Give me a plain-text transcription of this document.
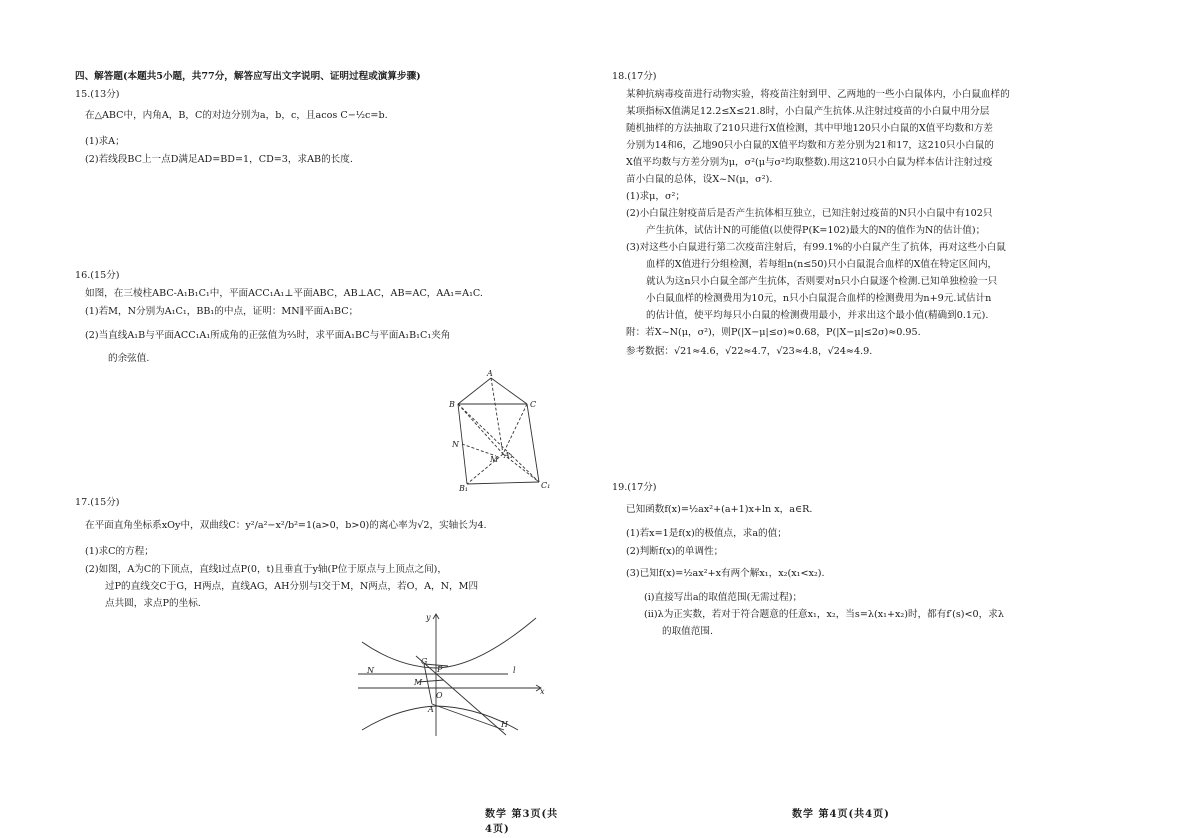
四、解答题(本题共5小题，共77分，解答应写出文字说明、证明过程或演算步骤)
15.(13分)
在△ABC中，内角A，B，C的对边分别为a，b，c，且acos C−½c=b.
(1)求A；
(2)若线段BC上一点D满足AD=BD=1，CD=3，求AB的长度.
16.(15分)
如图，在三棱柱ABC-A₁B₁C₁中，平面ACC₁A₁⊥平面ABC，AB⊥AC，AB=AC，AA₁=A₁C.
(1)若M，N分别为A₁C₁，BB₁的中点，证明：MN∥平面A₁BC；
(2)当直线A₁B与平面ACC₁A₁所成角的正弦值为⅔时，求平面A₁BC与平面A₁B₁C₁夹角
的余弦值.
17.(15分)
在平面直角坐标系xOy中，双曲线C：y²/a²−x²/b²=1(a>0，b>0)的离心率为√2，实轴长为4.
(1)求C的方程；
(2)如图，A为C的下顶点，直线l过点P(0，t)且垂直于y轴(P位于原点与上顶点之间)，
过P的直线交C于G，H两点，直线AG，AH分别与l交于M，N两点，若O，A，N，M四
点共圆，求点P的坐标.
数学 第3页(共4页)
A
B	C
N
A₁
M
B₁	C₁
y
x
G
P
N	l
M
O
A
H
18.(17分)
某种抗病毒疫苗进行动物实验，将疫苗注射到甲、乙两地的一些小白鼠体内，小白鼠血样的
某项指标X值满足12.2≤X≤21.8时，小白鼠产生抗体.从注射过疫苗的小白鼠中用分层
随机抽样的方法抽取了210只进行X值检测，其中甲地120只小白鼠的X值平均数和方差
分别为14和6，乙地90只小白鼠的X值平均数和方差分别为21和17，这210只小白鼠的
X值平均数与方差分别为μ，σ²(μ与σ²均取整数).用这210只小白鼠为样本估计注射过疫
苗小白鼠的总体，设X~N(μ，σ²).
(1)求μ，σ²；
(2)小白鼠注射疫苗后是否产生抗体相互独立，已知注射过疫苗的N只小白鼠中有102只
产生抗体，试估计N的可能值(以使得P(K=102)最大的N的值作为N的估计值)；
(3)对这些小白鼠进行第二次疫苗注射后，有99.1%的小白鼠产生了抗体，再对这些小白鼠
血样的X值进行分组检测，若每组n(n≤50)只小白鼠混合血样的X值在特定区间内，
就认为这n只小白鼠全部产生抗体，否则要对n只小白鼠逐个检测.已知单独检验一只
小白鼠血样的检测费用为10元，n只小白鼠混合血样的检测费用为n+9元.试估计n
的估计值，使平均每只小白鼠的检测费用最小，并求出这个最小值(精确到0.1元).
附：若X~N(μ，σ²)，则P(|X−μ|≤σ)≈0.68，P(|X−μ|≤2σ)≈0.95.
参考数据：√21≈4.6，√22≈4.7，√23≈4.8，√24≈4.9.
19.(17分)
已知函数f(x)=½ax²+(a+1)x+ln x，a∈R.
(1)若x=1是f(x)的极值点，求a的值；
(2)判断f(x)的单调性；
(3)已知f(x)=½ax²+x有两个解x₁，x₂(x₁<x₂).
(i)直接写出a的取值范围(无需过程)；
(ii)λ为正实数，若对于符合题意的任意x₁，x₂，当s=λ(x₁+x₂)时，都有f′(s)<0，求λ
的取值范围.
数学 第4页(共4页)
